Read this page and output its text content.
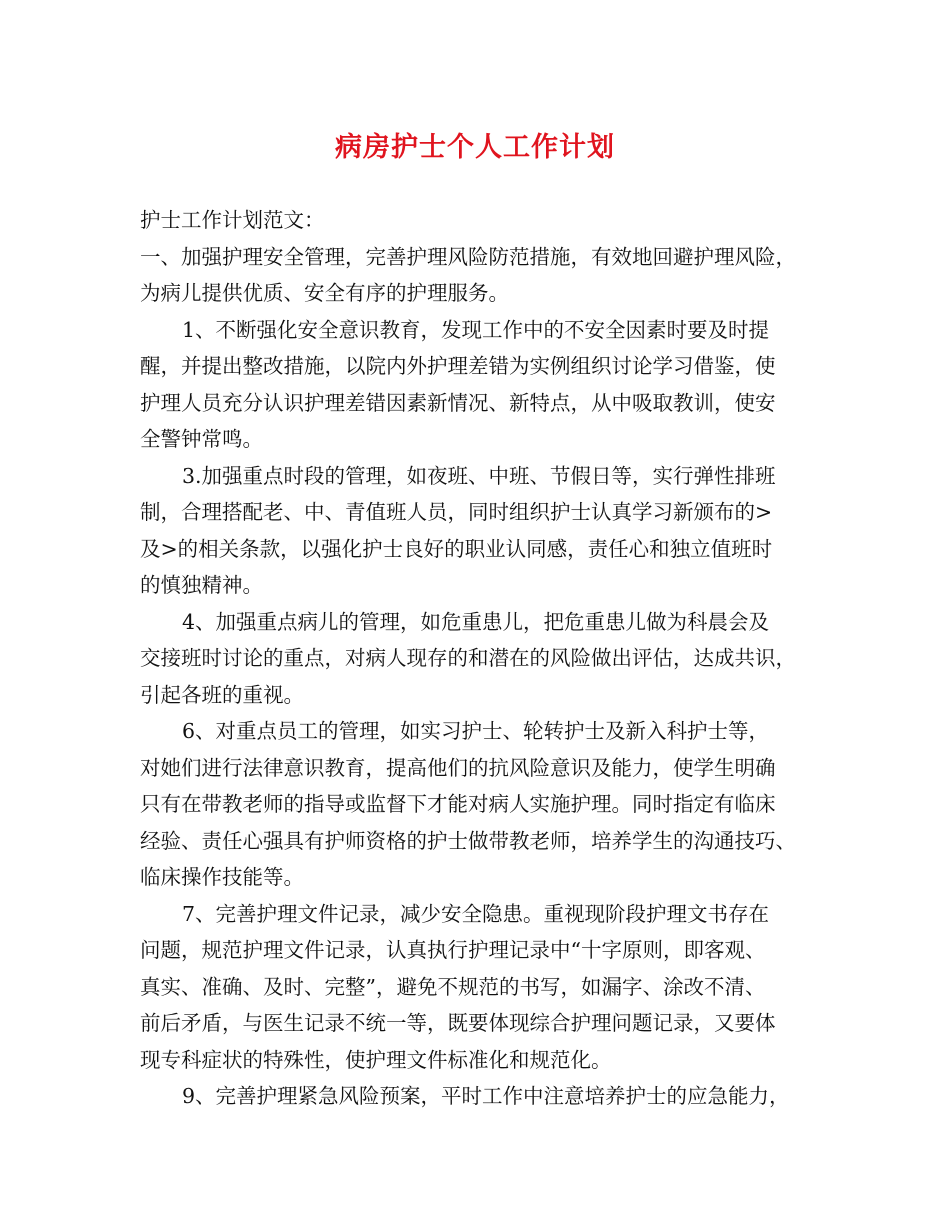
病房护士个人工作计划
护士工作计划范文：
一、加强护理安全管理，完善护理风险防范措施，有效地回避护理风险，
为病儿提供优质、安全有序的护理服务。
1、不断强化安全意识教育，发现工作中的不安全因素时要及时提
醒，并提出整改措施，以院内外护理差错为实例组织讨论学习借鉴，使
护理人员充分认识护理差错因素新情况、新特点，从中吸取教训，使安
全警钟常鸣。
3.加强重点时段的管理，如夜班、中班、节假日等，实行弹性排班
制，合理搭配老、中、青值班人员，同时组织护士认真学习新颁布的>
及>的相关条款，以强化护士良好的职业认同感，责任心和独立值班时
的慎独精神。
4、加强重点病儿的管理，如危重患儿，把危重患儿做为科晨会及
交接班时讨论的重点，对病人现存的和潜在的风险做出评估，达成共识，
引起各班的重视。
6、对重点员工的管理，如实习护士、轮转护士及新入科护士等，
对她们进行法律意识教育，提高他们的抗风险意识及能力，使学生明确
只有在带教老师的指导或监督下才能对病人实施护理。同时指定有临床
经验、责任心强具有护师资格的护士做带教老师，培养学生的沟通技巧、
临床操作技能等。
7、完善护理文件记录，减少安全隐患。重视现阶段护理文书存在
问题，规范护理文件记录，认真执行护理记录中“十字原则，即客观、
真实、准确、及时、完整”，避免不规范的书写，如漏字、涂改不清、
前后矛盾，与医生记录不统一等，既要体现综合护理问题记录，又要体
现专科症状的特殊性，使护理文件标准化和规范化。
9、完善护理紧急风险预案，平时工作中注意培养护士的应急能力，
